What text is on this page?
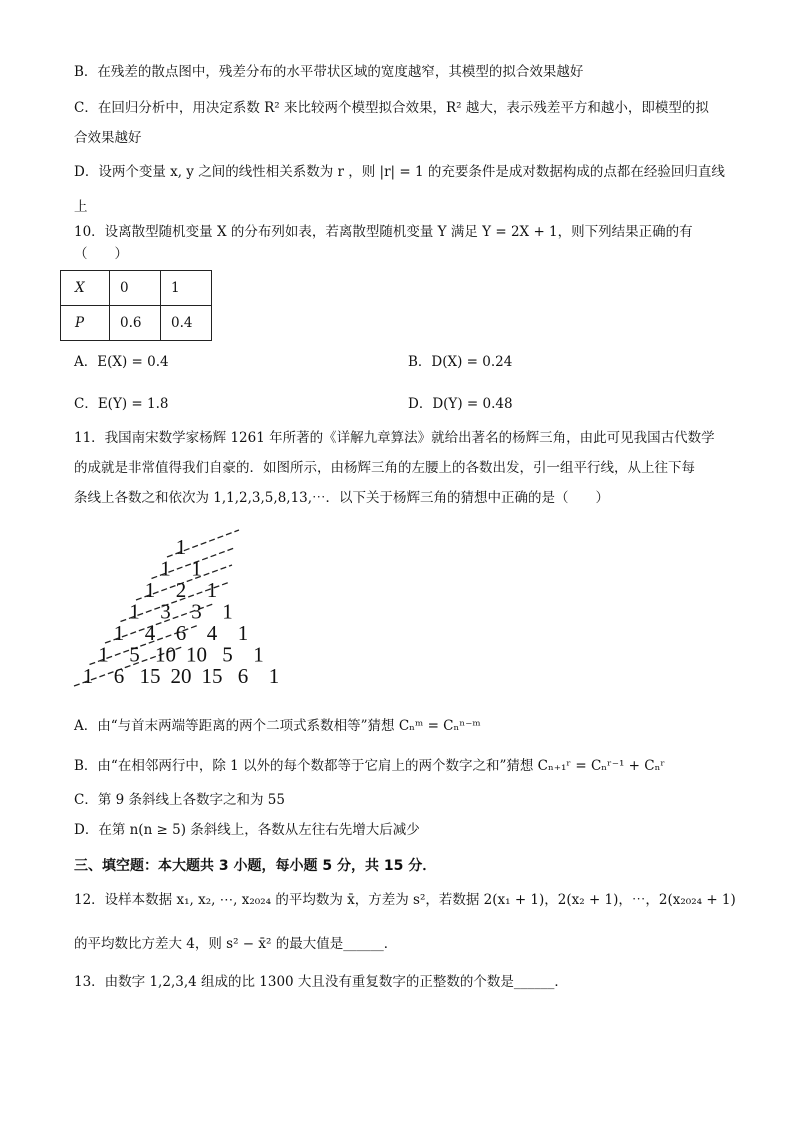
B．在残差的散点图中，残差分布的水平带状区域的宽度越窄，其模型的拟合效果越好
C．在回归分析中，用决定系数 R² 来比较两个模型拟合效果，R² 越大，表示残差平方和越小，即模型的拟
合效果越好
D．设两个变量 x, y 之间的线性相关系数为 r ，则 |r| = 1 的充要条件是成对数据构成的点都在经验回归直线
上
10．设离散型随机变量 X 的分布列如表，若离散型随机变量 Y 满足 Y = 2X + 1，则下列结果正确的有
（　　）
X	0	1
P	0.6	0.4
A．E(X) = 0.4	B．D(X) = 0.24
C．E(Y) = 1.8	D．D(Y) = 0.48
11．我国南宋数学家杨辉 1261 年所著的《详解九章算法》就给出著名的杨辉三角，由此可见我国古代数学
的成就是非常值得我们自豪的．如图所示，由杨辉三角的左腰上的各数出发，引一组平行线，从上往下每
条线上各数之和依次为 1,1,2,3,5,8,13,⋯．以下关于杨辉三角的猜想中正确的是（　　）
1
1 1
1 2 1
1 3 3 1
1 4 6 4 1
1 5 10 10 5 1
1 6 15 20 15 6 1
A．由“与首末两端等距离的两个二项式系数相等”猜想 Cₙᵐ = Cₙⁿ⁻ᵐ
B．由“在相邻两行中，除 1 以外的每个数都等于它肩上的两个数字之和”猜想 Cₙ₊₁ʳ = Cₙʳ⁻¹ + Cₙʳ
C．第 9 条斜线上各数字之和为 55
D．在第 n(n ≥ 5) 条斜线上，各数从左往右先增大后减少
三、填空题：本大题共 3 小题，每小题 5 分，共 15 分．
12．设样本数据 x₁, x₂, ⋯, x₂₀₂₄ 的平均数为 x̄，方差为 s²，若数据 2(x₁ + 1)，2(x₂ + 1)，⋯，2(x₂₀₂₄ + 1)
的平均数比方差大 4，则 s² − x̄² 的最大值是______．
13．由数字 1,2,3,4 组成的比 1300 大且没有重复数字的正整数的个数是______．
